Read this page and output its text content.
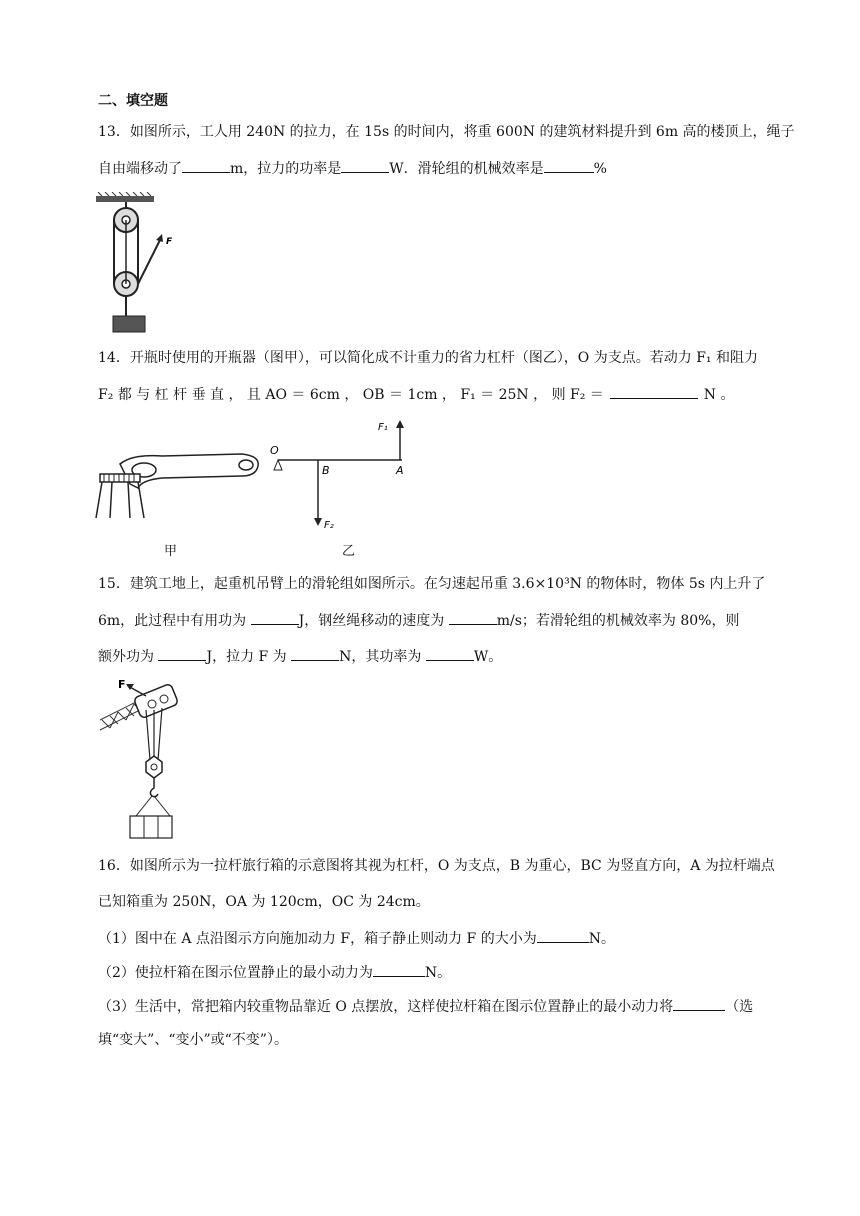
二、填空题
13．如图所示，工人用 240N 的拉力，在 15s 的时间内，将重 600N 的建筑材料提升到 6m 高的楼顶上，绳子
自由端移动了	m，拉力的功率是	W．滑轮组的机械效率是	%
F
14．开瓶时使用的开瓶器（图甲），可以简化成不计重力的省力杠杆（图乙），O 为支点。若动力 F₁ 和阻力
F₂ 都 与 杠 杆 垂 直 ， 且 AO ＝ 6cm ， OB ＝ 1cm ， F₁ ＝ 25N ， 则 F₂ ＝	N 。
O
B	A
F₁
F₂
甲	乙
15．建筑工地上，起重机吊臂上的滑轮组如图所示。在匀速起吊重 3.6×10³N 的物体时，物体 5s 内上升了
6m，此过程中有用功为	J，钢丝绳移动的速度为	m/s；若滑轮组的机械效率为 80%，则
额外功为	J，拉力 F 为	N，其功率为	W。
F
16．如图所示为一拉杆旅行箱的示意图将其视为杠杆，O 为支点，B 为重心，BC 为竖直方向，A 为拉杆端点
已知箱重为 250N，OA 为 120cm，OC 为 24cm。
（1）图中在 A 点沿图示方向施加动力 F，箱子静止则动力 F 的大小为	N。
（2）使拉杆箱在图示位置静止的最小动力为	N。
（3）生活中，常把箱内较重物品靠近 O 点摆放，这样使拉杆箱在图示位置静止的最小动力将	（选
填“变大”、“变小”或“不变”）。
